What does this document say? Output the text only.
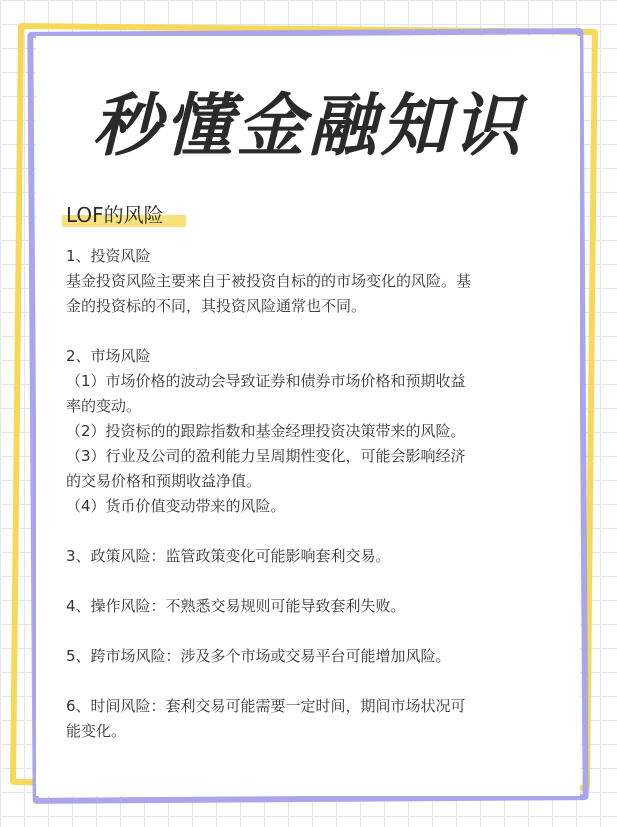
秒懂金融知识
LOF的风险

1、投资风险

基金投资风险主要来自于被投资自标的的市场变化的风险。基

金的投资标的不同，其投资风险通常也不同。

2、市场风险

（1）市场价格的波动会导致证券和债券市场价格和预期收益

率的变动。

（2）投资标的的跟踪指数和基金经理投资决策带来的风险。

（3）行业及公司的盈利能力呈周期性变化，可能会影响经济

的交易价格和预期收益净值。

（4）货币价值变动带来的风险。

3、政策风险：监管政策变化可能影响套利交易。

4、操作风险：不熟悉交易规则可能导致套利失败。

5、跨市场风险：涉及多个市场或交易平台可能增加风险。

6、时间风险：套利交易可能需要一定时间，期间市场状况可

能变化。
